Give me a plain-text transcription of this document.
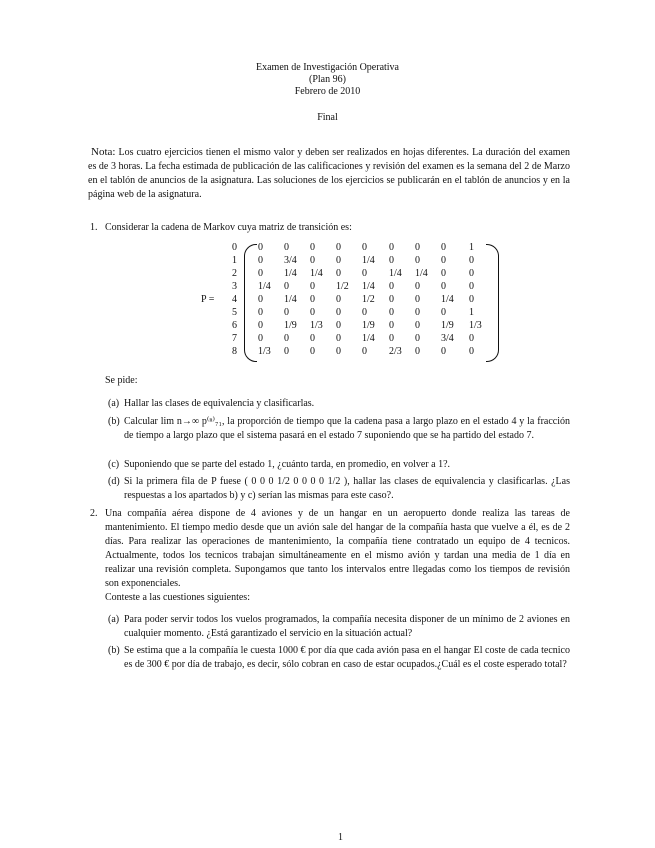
Examen de Investigación Operativa
(Plan 96)
Febrero de 2010
Final
Nota: Los cuatro ejercicios tienen el mismo valor y deben ser realizados en hojas diferentes. La duración del examen es de 3 horas. La fecha estimada de publicación de las calificaciones y revisión del examen es la semana del 2 de Marzo en el tablón de anuncios de la asignatura. Las soluciones de los ejercicios se publicarán en el tablón de anuncios y en la página web de la asignatura.
1. Considerar la cadena de Markov cuya matriz de transición es:
P =
0 0 0 0 0 0 0 0 0 1
1 0 3/4 0 0 1/4 0 0 0 0
2 0 1/4 1/4 0 0 1/4 1/4 0 0
3 1/4 0 0 1/2 1/4 0 0 0 0
4 0 1/4 0 0 1/2 0 0 1/4 0
5 0 0 0 0 0 0 0 0 1
6 0 1/9 1/3 0 1/9 0 0 1/9 1/3
7 0 0 0 0 1/4 0 0 3/4 0
8 1/3 0 0 0 0 2/3 0 0 0
Se pide:
(a) Hallar las clases de equivalencia y clasificarlas.
(b) Calcular lim n→∞ p⁽ⁿ⁾₇₁, la proporción de tiempo que la cadena pasa a largo plazo en el estado 4 y la fracción de tiempo a largo plazo que el sistema pasará en el estado 7 suponiendo que se ha partido del estado 7.
(c) Suponiendo que se parte del estado 1, ¿cuánto tarda, en promedio, en volver a 1?.
(d) Si la primera fila de P fuese ( 0 0 0 1/2 0 0 0 0 1/2 ), hallar las clases de equivalencia y clasificarlas. ¿Las respuestas a los apartados b) y c) serían las mismas para este caso?.
2. Una compañía aérea dispone de 4 aviones y de un hangar en un aeropuerto donde realiza las tareas de mantenimiento. El tiempo medio desde que un avión sale del hangar de la compañía hasta que vuelve a él, es de 2 días. Para realizar las operaciones de mantenimiento, la compañía tiene contratado un equipo de 4 tecnicos. Actualmente, todos los tecnicos trabajan simultáneamente en el mismo avión y tardan una media de 1 día en realizar una revisión completa. Supongamos que tanto los intervalos entre llegadas como los tiempos de revisión son exponenciales.
Conteste a las cuestiones siguientes:
(a) Para poder servir todos los vuelos programados, la compañía necesita disponer de un mínimo de 2 aviones en cualquier momento. ¿Está garantizado el servicio en la situación actual?
(b) Se estima que a la compañía le cuesta 1000 € por día que cada avión pasa en el hangar El coste de cada tecnico es de 300 € por día de trabajo, es decir, sólo cobran en caso de estar ocupados.¿Cuál es el coste esperado total?
1
